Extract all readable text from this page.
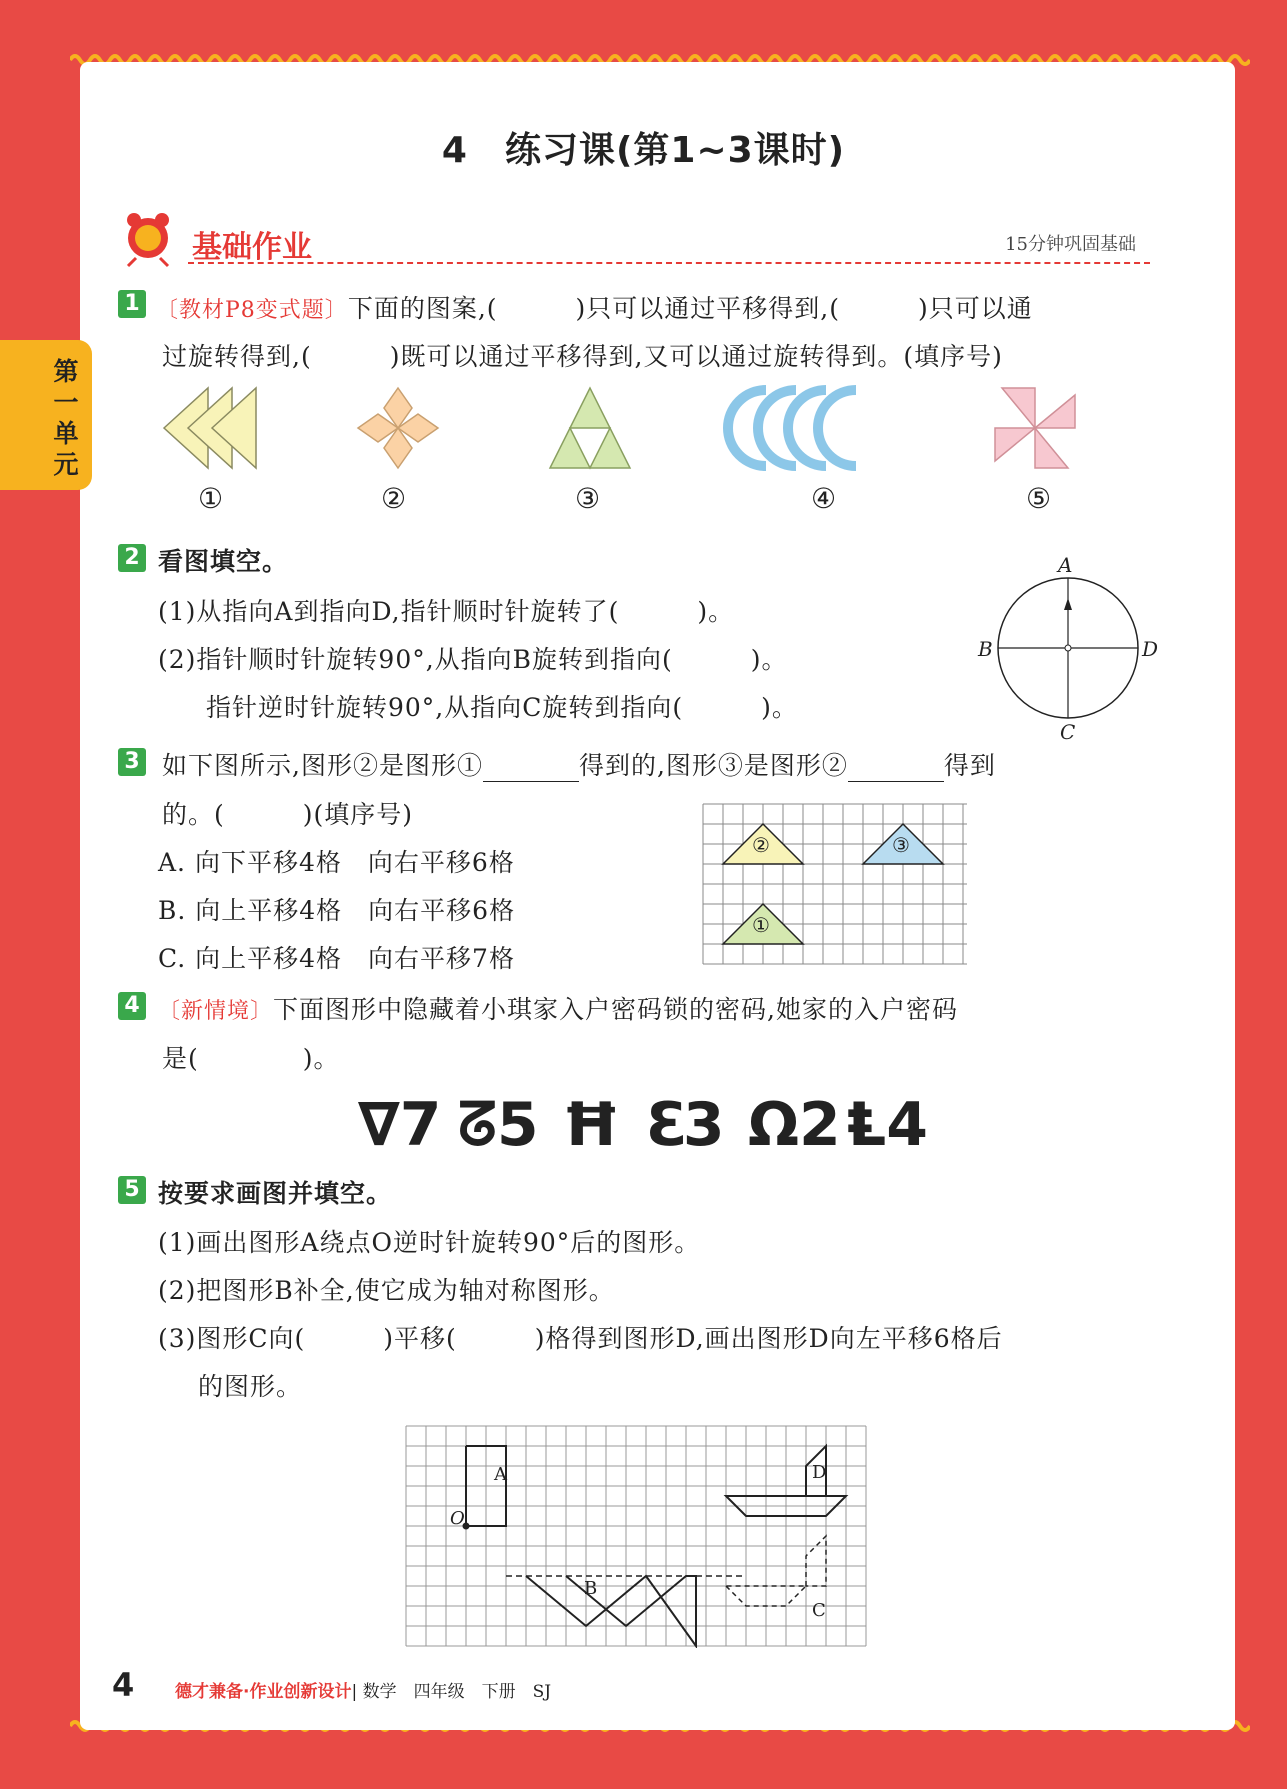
第一单元
4　练习课(第1~3课时)
基础作业	15分钟巩固基础
1 〔教材P8变式题〕下面的图案,(　　　)只可以通过平移得到,(　　　)只可以通
过旋转得到,(　　　)既可以通过平移得到,又可以通过旋转得到。(填序号)
①	②	③	④	⑤
2 看图填空。
(1)从指向A到指向D,指针顺时针旋转了(　　　)。
(2)指针顺时针旋转90°,从指向B旋转到指向(　　　)。
指针逆时针旋转90°,从指向C旋转到指向(　　　)。
A
B
C
D
3 如下图所示,图形②是图形①	得到的,图形③是图形②	得到
的。(　　　)(填序号)
A. 向下平移4格　向右平移6格
B. 向上平移4格　向右平移6格
C. 向上平移4格　向右平移7格
②	③
①
4 〔新情境〕下面图形中隐藏着小琪家入户密码锁的密码,她家的入户密码
是(　　　　)。
∇7 ᘔ5 Ħ ℇ3 Ω2 Ⱡ4
5 按要求画图并填空。
(1)画出图形A绕点O逆时针旋转90°后的图形。
(2)把图形B补全,使它成为轴对称图形。
(3)图形C向(　　　)平移(　　　)格得到图形D,画出图形D向左平移6格后
的图形。
A
O
B
C
D
4 德才兼备·作业创新设计| 数学　四年级　下册　SJ
